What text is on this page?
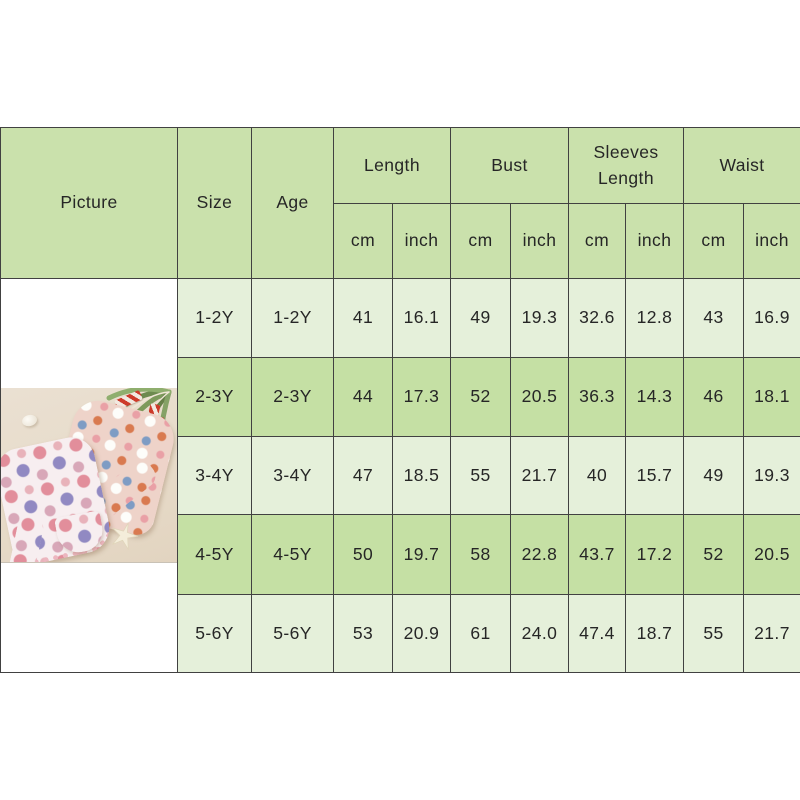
Picture	Size	Age	Length		Bust		Sleeves Length		Waist	
			cm	inch	cm	inch	cm	inch	cm	inch

	1-2Y	1-2Y	41	16.1	49	19.3	32.6	12.8	43	16.9
	2-3Y	2-3Y	44	17.3	52	20.5	36.3	14.3	46	18.1
	3-4Y	3-4Y	47	18.5	55	21.7	40	15.7	49	19.3
	4-5Y	4-5Y	50	19.7	58	22.8	43.7	17.2	52	20.5
	5-6Y	5-6Y	53	20.9	61	24.0	47.4	18.7	55	21.7
